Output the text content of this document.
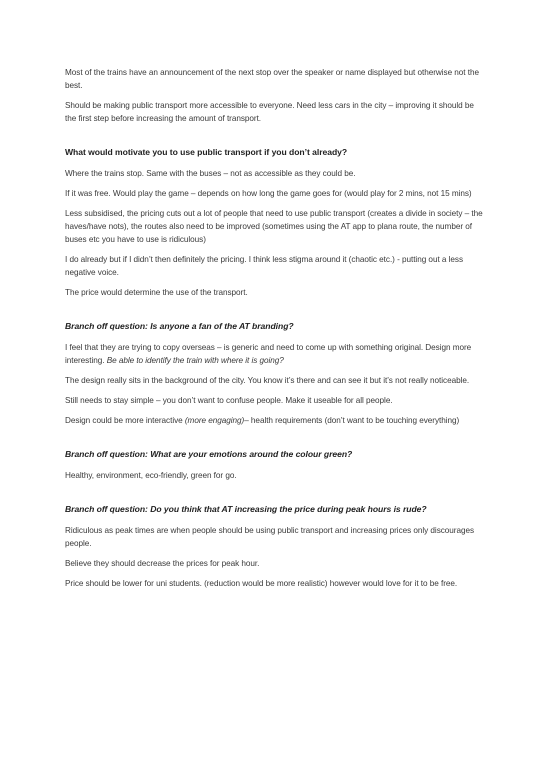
Most of the trains have an announcement of the next stop over the speaker or name displayed but otherwise not the best.

Should be making public transport more accessible to everyone. Need less cars in the city – improving it should be the first step before increasing the amount of transport.

What would motivate you to use public transport if you don’t already?

Where the trains stop. Same with the buses – not as accessible as they could be.

If it was free. Would play the game – depends on how long the game goes for (would play for 2 mins, not 15 mins)

Less subsidised, the pricing cuts out a lot of people that need to use public transport (creates a divide in society – the haves/have nots), the routes also need to be improved (sometimes using the AT app to plana route, the number of buses etc you have to use is ridiculous)

I do already but if I didn’t then definitely the pricing. I think less stigma around it (chaotic etc.) - putting out a less negative voice.

The price would determine the use of the transport.

Branch off question: Is anyone a fan of the AT branding?

I feel that they are trying to copy overseas – is generic and need to come up with something original. Design more interesting. Be able to identify the train with where it is going?

The design really sits in the background of the city. You know it’s there and can see it but it’s not really noticeable.

Still needs to stay simple – you don’t want to confuse people. Make it useable for all people.

Design could be more interactive (more engaging)– health requirements (don’t want to be touching everything)

Branch off question: What are your emotions around the colour green?

Healthy, environment, eco-friendly, green for go.

Branch off question: Do you think that AT increasing the price during peak hours is rude?

Ridiculous as peak times are when people should be using public transport and increasing prices only discourages people.

Believe they should decrease the prices for peak hour.

Price should be lower for uni students. (reduction would be more realistic) however would love for it to be free.
